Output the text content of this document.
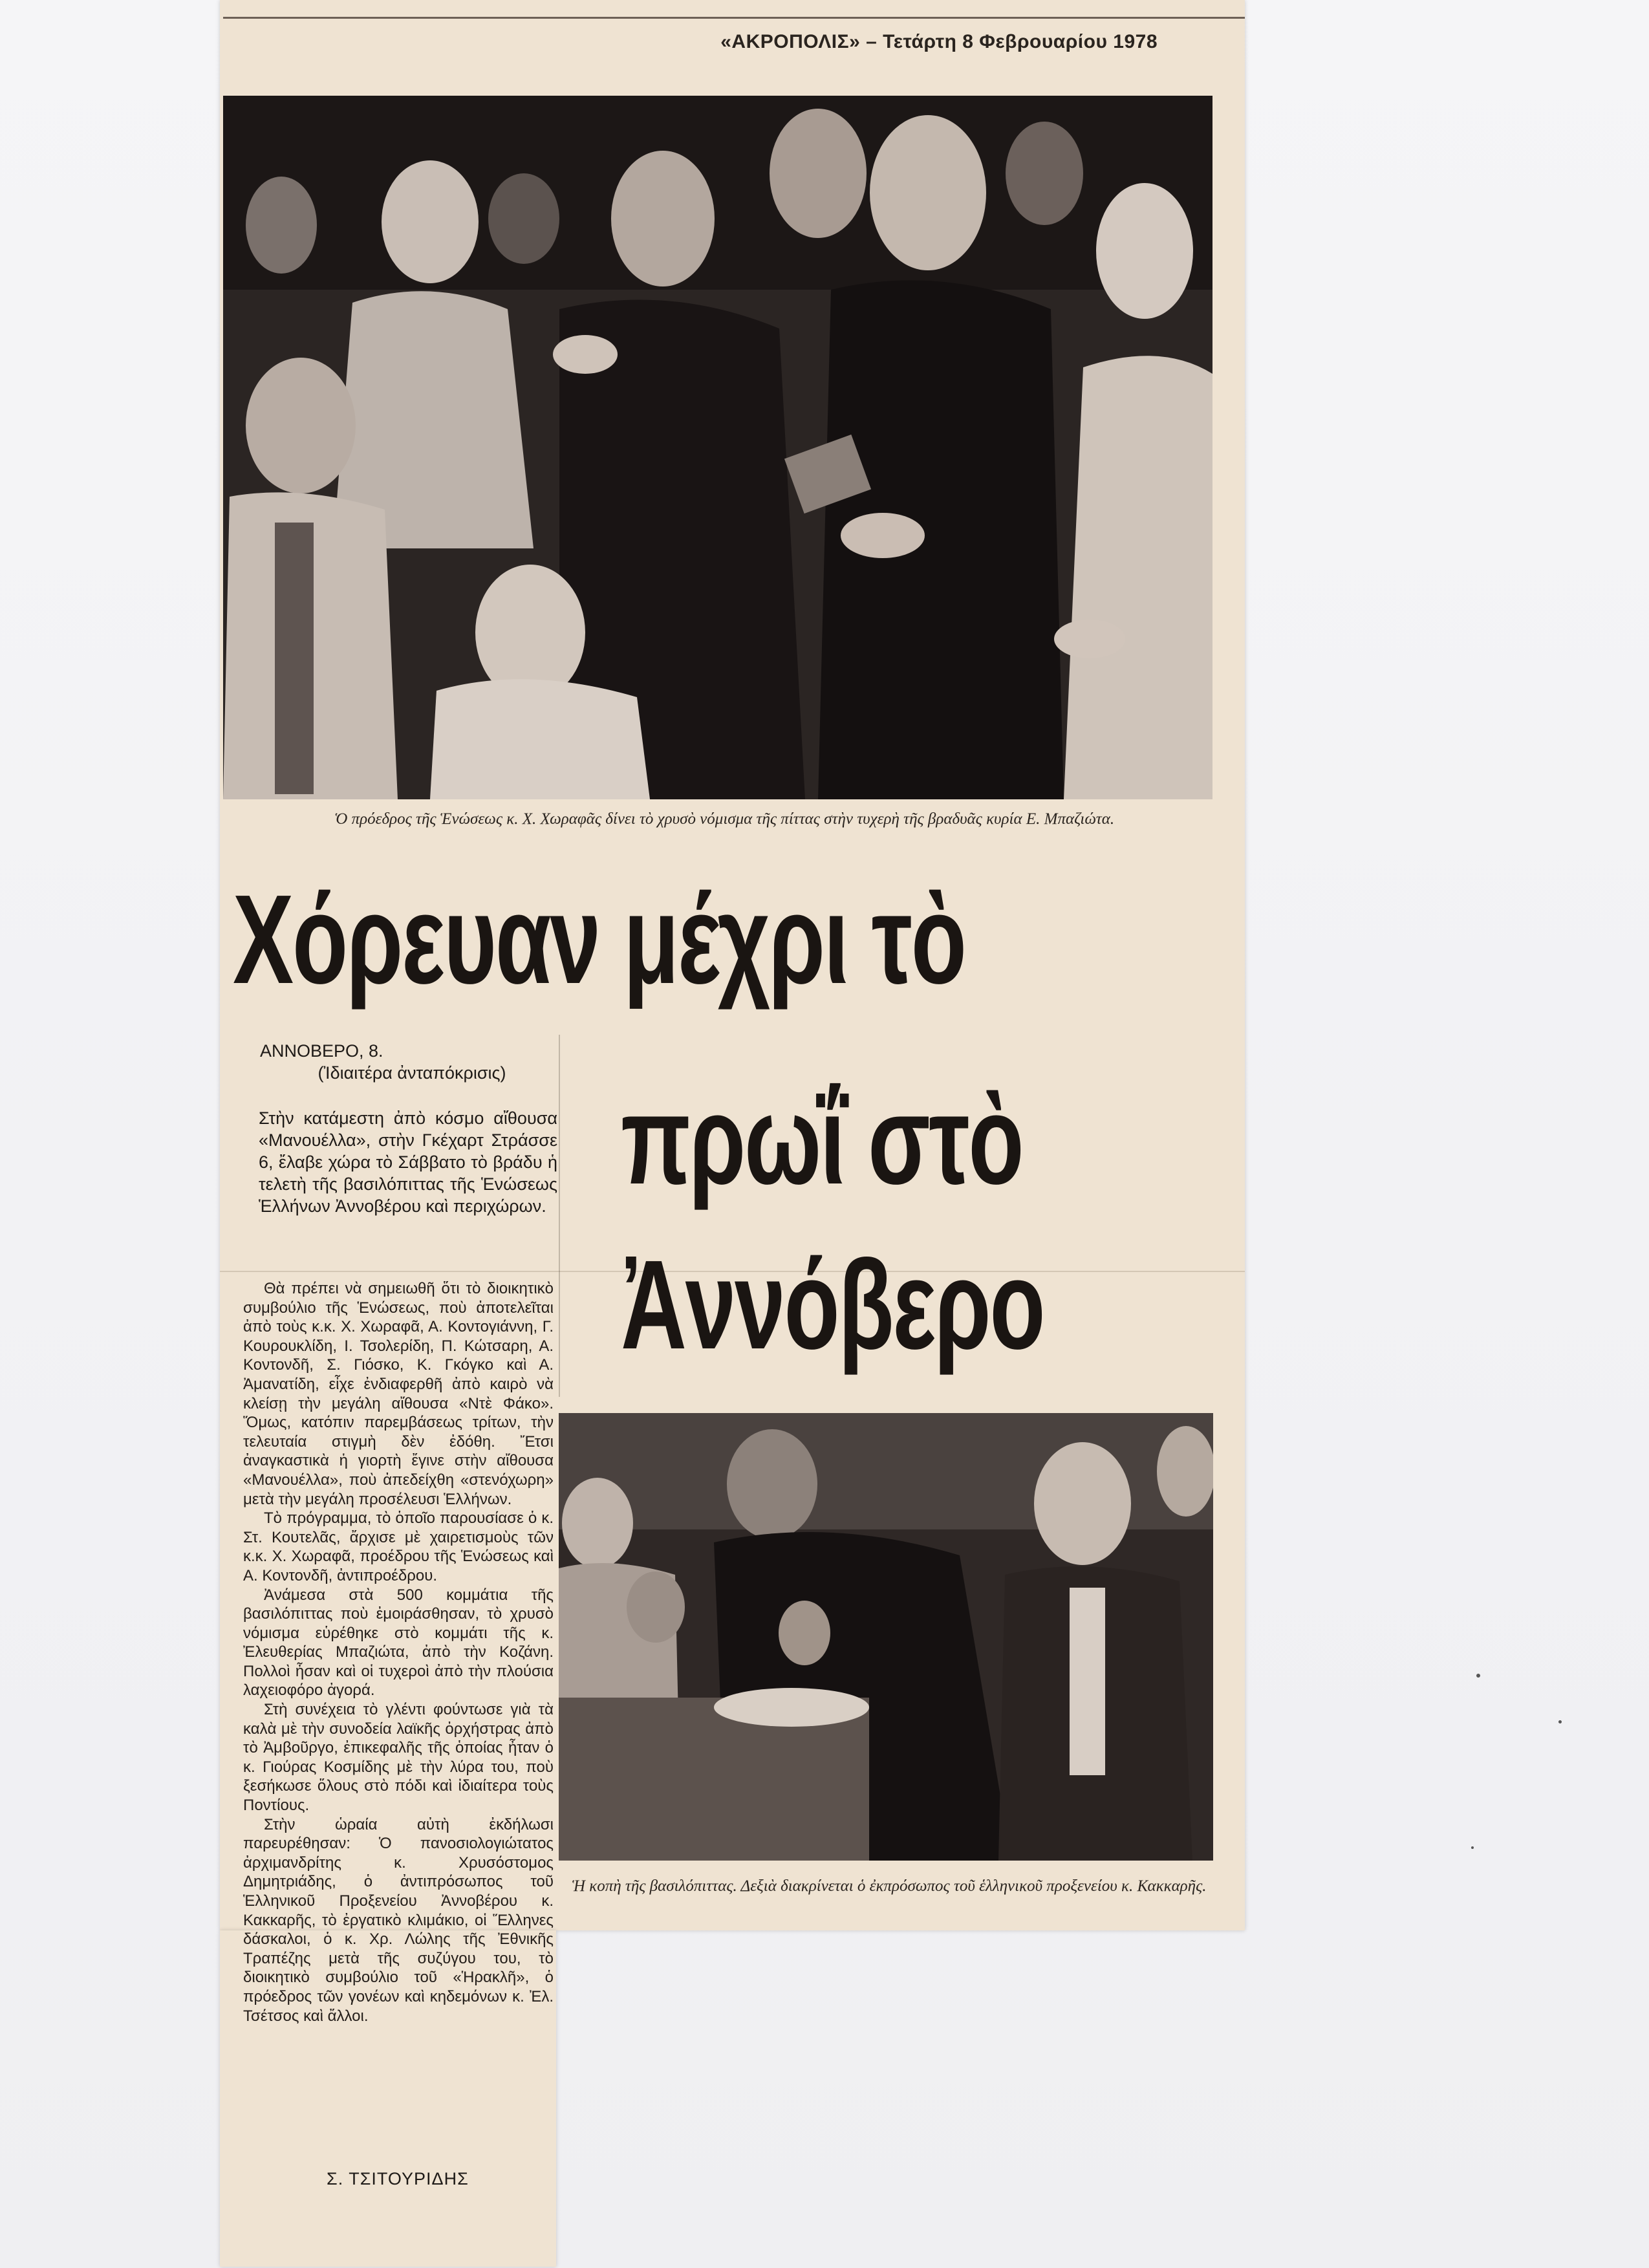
«ΑΚΡΟΠΟΛΙΣ» – Τετάρτη 8 Φεβρουαρίου 1978
Ὁ πρόεδρος τῆς Ἑνώσεως κ. Χ. Χωραφᾶς δίνει τὸ χρυσὸ νόμισμα τῆς πίττας στὴν τυχερὴ τῆς βραδυᾶς κυρία Ε. Μπαζιώτα.
Χόρευαν μέχρι τὸ
πρωΐ στὸ
Ἀννόβερο
ΑΝΝΟΒΕΡΟ, 8.
(Ἰδιαιτέρα ἀνταπόκρισις)
Στὴν κατάμεστη ἀπὸ κόσμο αἴθουσα «Μανουέλλα», στὴν Γκέχαρτ Στράσσε 6, ἔλαβε χώρα τὸ Σάββατο τὸ βράδυ ἡ τελετὴ τῆς βασιλόπιττας τῆς Ἑνώσεως Ἑλλήνων Ἀννοβέρου καὶ περιχώρων.

Θὰ πρέπει νὰ σημειωθῆ ὅτι τὸ διοικητικὸ συμβούλιο τῆς Ἑνώσεως, ποὺ ἀποτελεῖται ἀπὸ τοὺς κ.κ. Χ. Χωραφᾶ, Α. Κοντογιάννη, Γ. Κουρουκλίδη, Ι. Τσολερίδη, Π. Κώτσαρη, Α. Κοντονδῆ, Σ. Γιόσκο, Κ. Γκόγκο καὶ Α. Ἀμανατίδη, εἶχε ἐνδιαφερθῆ ἀπὸ καιρὸ νὰ κλείσῃ τὴν μεγάλη αἴθουσα «Ντὲ Φάκο». Ὅμως, κατόπιν παρεμβάσεως τρίτων, τὴν τελευταία στιγμὴ δὲν ἐδόθη. Ἔτσι ἀναγκαστικὰ ἡ γιορτὴ ἔγινε στὴν αἴθουσα «Μανουέλλα», ποὺ ἀπεδείχθη «στενόχωρη» μετὰ τὴν μεγάλη προσέλευσι Ἑλλήνων.

Τὸ πρόγραμμα, τὸ ὁποῖο παρουσίασε ὁ κ. Στ. Κουτελᾶς, ἄρχισε μὲ χαιρετισμοὺς τῶν κ.κ. Χ. Χωραφᾶ, προέδρου τῆς Ἑνώσεως καὶ Α. Κοντονδῆ, ἀντιπροέδρου.

Ἀνάμεσα στὰ 500 κομμάτια τῆς βασιλόπιττας ποὺ ἐμοιράσθησαν, τὸ χρυσὸ νόμισμα εὑρέθηκε στὸ κομμάτι τῆς κ. Ἐλευθερίας Μπαζιώτα, ἀπὸ τὴν Κοζάνη. Πολλοὶ ἦσαν καὶ οἱ τυχεροὶ ἀπὸ τὴν πλούσια λαχειοφόρο ἀγορά.

Στὴ συνέχεια τὸ γλέντι φούντωσε γιὰ τὰ καλὰ μὲ τὴν συνοδεία λαϊκῆς ὀρχήστρας ἀπὸ τὸ Ἀμβοῦργο, ἐπικεφαλῆς τῆς ὁποίας ἦταν ὁ κ. Γιούρας Κοσμίδης μὲ τὴν λύρα του, ποὺ ξεσήκωσε ὅλους στὸ πόδι καὶ ἰδιαίτερα τοὺς Ποντίους.

Στὴν ὡραία αὐτὴ ἐκδήλωσι παρευρέθησαν: Ὁ πανοσιολογιώτατος ἀρχιμανδρίτης κ. Χρυσόστομος Δημητριάδης, ὁ ἀντιπρόσωπος τοῦ Ἑλληνικοῦ Προξενείου Ἀννοβέρου κ. Κακκαρῆς, τὸ ἐργατικὸ κλιμάκιο, οἱ Ἕλληνες δάσκαλοι, ὁ κ. Χρ. Λώλης τῆς Ἐθνικῆς Τραπέζης μετὰ τῆς συζύγου του, τὸ διοικητικὸ συμβούλιο τοῦ «Ἡρακλῆ», ὁ πρόεδρος τῶν γονέων καὶ κηδεμόνων κ. Ἐλ. Τσέτσος καὶ ἄλλοι.

Σ. ΤΣΙΤΟΥΡΙΔΗΣ
Ἡ κοπὴ τῆς βασιλόπιττας. Δεξιὰ διακρίνεται ὁ ἐκπρόσωπος τοῦ ἑλληνικοῦ προξενείου κ. Κακκαρῆς.
